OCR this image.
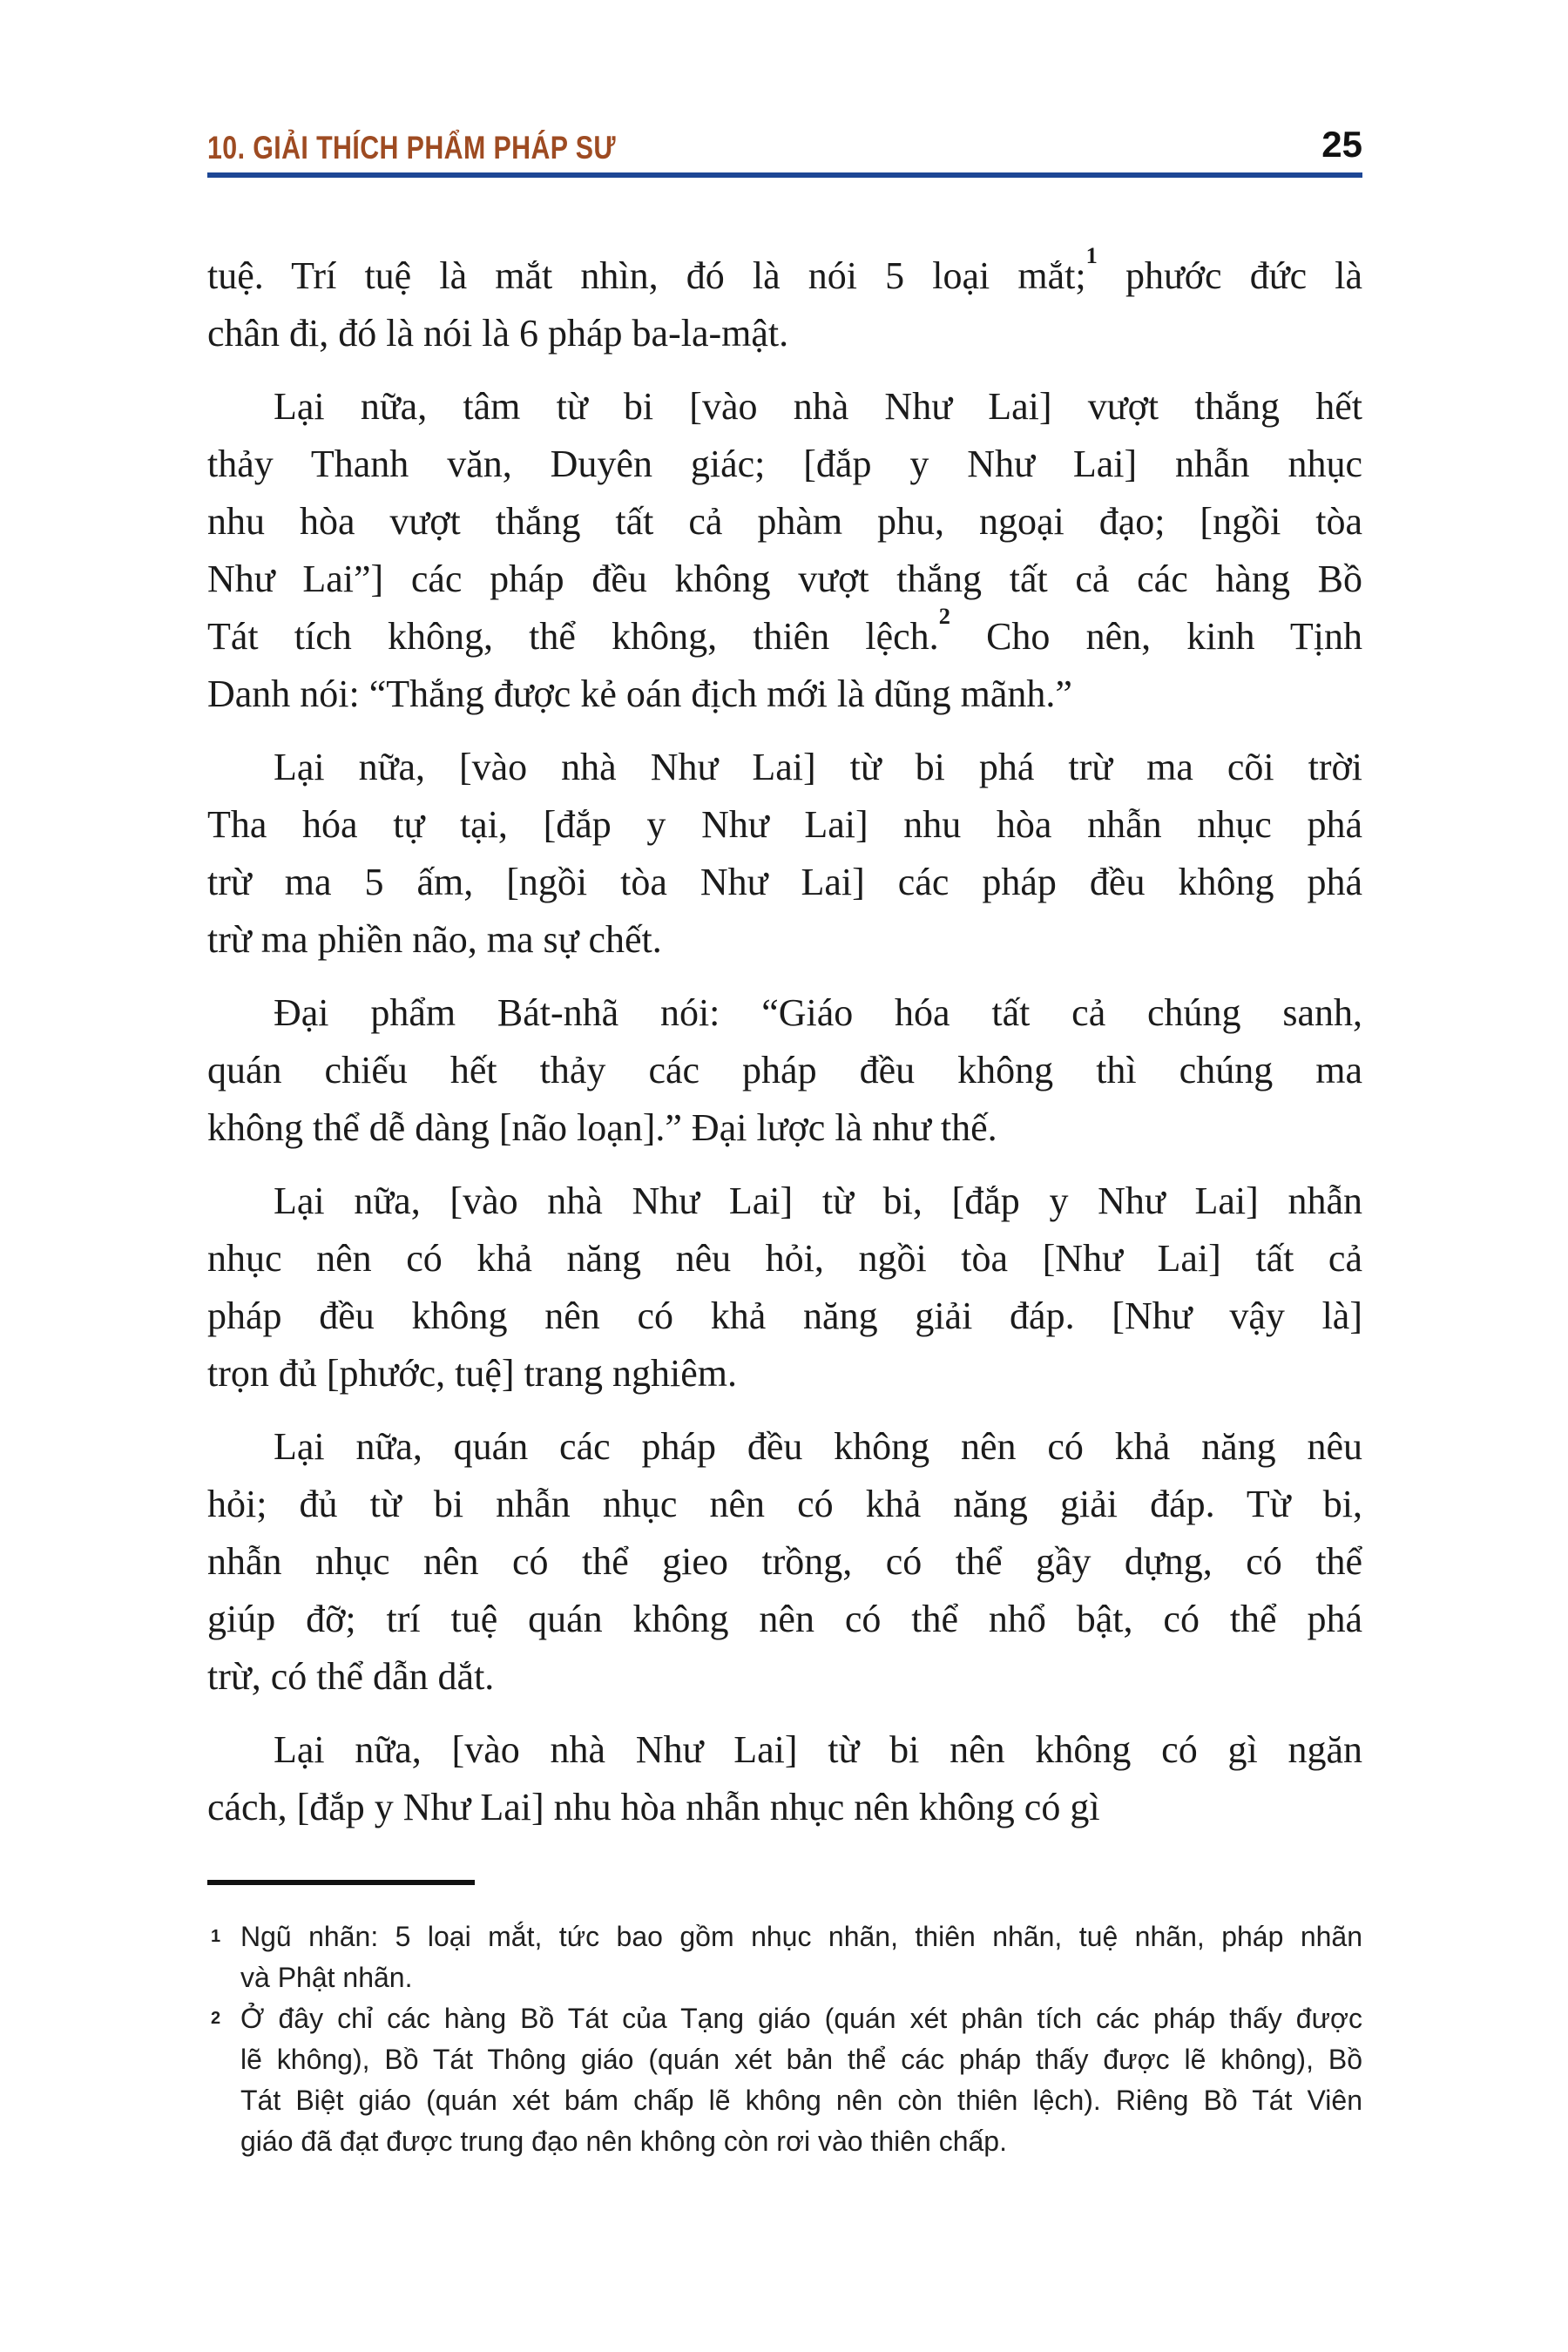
10. GIẢI THÍCH PHẨM PHÁP SƯ	25
tuệ. Trí tuệ là mắt nhìn, đó là nói 5 loại mắt;$^1$ phước đức là
chân đi, đó là nói là 6 pháp ba-la-mật.
Lại nữa, tâm từ bi [vào nhà Như Lai] vượt thắng hết
thảy Thanh văn, Duyên giác; [đắp y Như Lai] nhẫn nhục
nhu hòa vượt thắng tất cả phàm phu, ngoại đạo; [ngồi tòa
Như Lai”] các pháp đều không vượt thắng tất cả các hàng Bồ
Tát tích không, thể không, thiên lệch.$^2$ Cho nên, kinh Tịnh
Danh nói: “Thắng được kẻ oán địch mới là dũng mãnh.”
Lại nữa, [vào nhà Như Lai] từ bi phá trừ ma cõi trời
Tha hóa tự tại, [đắp y Như Lai] nhu hòa nhẫn nhục phá
trừ ma 5 ấm, [ngồi tòa Như Lai] các pháp đều không phá
trừ ma phiền não, ma sự chết.
Đại phẩm Bát-nhã nói: “Giáo hóa tất cả chúng sanh,
quán chiếu hết thảy các pháp đều không thì chúng ma
không thể dễ dàng [não loạn].” Đại lược là như thế.
Lại nữa, [vào nhà Như Lai] từ bi, [đắp y Như Lai] nhẫn
nhục nên có khả năng nêu hỏi, ngồi tòa [Như Lai] tất cả
pháp đều không nên có khả năng giải đáp. [Như vậy là]
trọn đủ [phước, tuệ] trang nghiêm.
Lại nữa, quán các pháp đều không nên có khả năng nêu
hỏi; đủ từ bi nhẫn nhục nên có khả năng giải đáp. Từ bi,
nhẫn nhục nên có thể gieo trồng, có thể gầy dựng, có thể
giúp đỡ; trí tuệ quán không nên có thể nhổ bật, có thể phá
trừ, có thể dẫn dắt.
Lại nữa, [vào nhà Như Lai] từ bi nên không có gì ngăn
cách, [đắp y Như Lai] nhu hòa nhẫn nhục nên không có gì
1 Ngũ nhãn: 5 loại mắt, tức bao gồm nhục nhãn, thiên nhãn, tuệ nhãn, pháp nhãn
và Phật nhãn.
2 Ở đây chỉ các hàng Bồ Tát của Tạng giáo (quán xét phân tích các pháp thấy được
lẽ không), Bồ Tát Thông giáo (quán xét bản thể các pháp thấy được lẽ không), Bồ
Tát Biệt giáo (quán xét bám chấp lẽ không nên còn thiên lệch). Riêng Bồ Tát Viên
giáo đã đạt được trung đạo nên không còn rơi vào thiên chấp.
